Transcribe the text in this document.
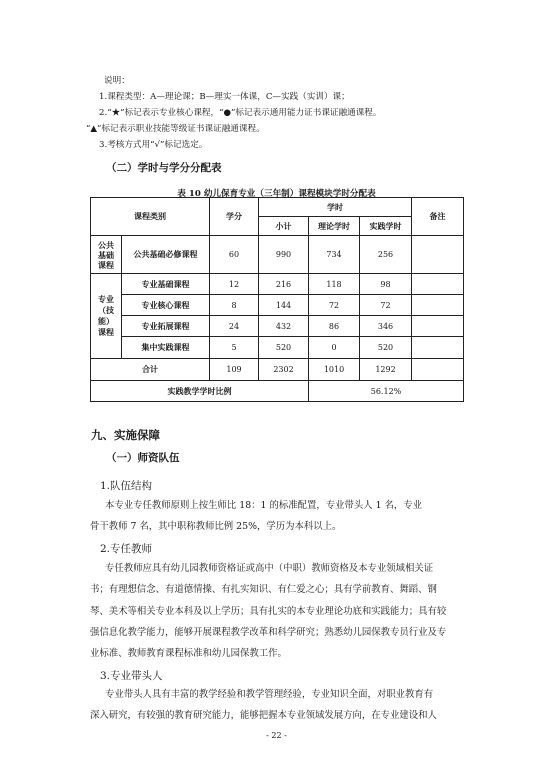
说明：
1.课程类型：A—理论课；B—理实一体课，C—实践（实训）课；
2.“★”标记表示专业核心课程，“●”标记表示通用能力证书课证融通课程。
“▲”标记表示职业技能等级证书课证融通课程。
3.考核方式用“√”标记选定。
（二）学时与学分分配表
表 10 幼儿保育专业（三年制）课程模块学时分配表
课程类别		学分	学时			备注
			小计	理论学时	实践学时	
公共基础课程	公共基础必修课程	60	990	734	256	
专业（技能）课程	专业基础课程	12	216	118	98	
	专业核心课程	8	144	72	72	
	专业拓展课程	24	432	86	346	
	集中实践课程	5	520	0	520	
合计		109	2302	1010	1292	
实践教学学时比例				56.12%		
九、实施保障
（一）师资队伍
1.队伍结构
本专业专任教师原则上按生师比 18：1 的标准配置，专业带头人 1 名，专业
骨干教师 7 名，其中职称教师比例 25%，学历为本科以上。
2.专任教师
专任教师应具有幼儿园教师资格证或高中（中职）教师资格及本专业领域相关证
书；有理想信念、有道德情操、有扎实知识、有仁爱之心；具有学前教育、舞蹈、钢
琴、美术等相关专业本科及以上学历；具有扎实的本专业理论功底和实践能力；具有较
强信息化教学能力，能够开展课程教学改革和科学研究；熟悉幼儿园保教专员行业及专
业标准、教师教育课程标准和幼儿园保教工作。
3.专业带头人
专业带头人具有丰富的教学经验和教学管理经验，专业知识全面，对职业教育有
深入研究，有较强的教育研究能力，能够把握本专业领域发展方向，在专业建设和人
- 22 -
